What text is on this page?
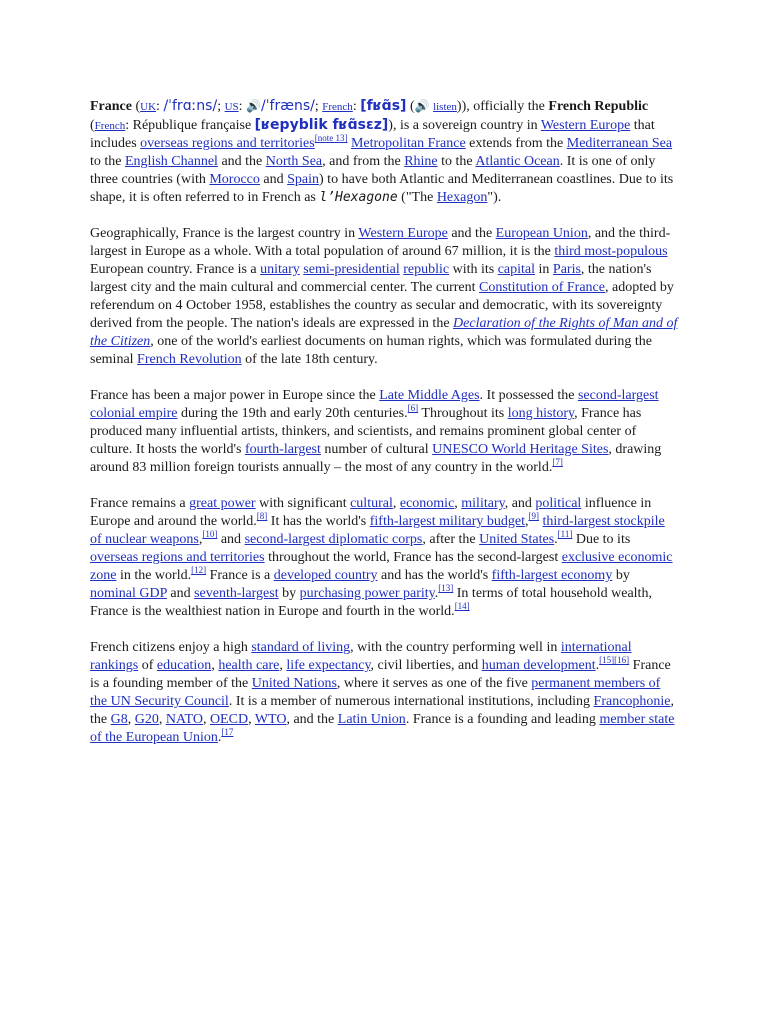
France (UK: /ˈfrɑːns/; US: 🔊/ˈfræns/; French: [fʁɑ̃s] (🔊 listen)), officially the French Republic (French: République française [ʁepyblik fʁɑ̃sɛz]), is a sovereign country in Western Europe that includes overseas regions and territories[note 13] Metropolitan France extends from the Mediterranean Sea to the English Channel and the North Sea, and from the Rhine to the Atlantic Ocean. It is one of only three countries (with Morocco and Spain) to have both Atlantic and Mediterranean coastlines. Due to its shape, it is often referred to in French as l’Hexagone ("The Hexagon").

Geographically, France is the largest country in Western Europe and the European Union, and the third-largest in Europe as a whole. With a total population of around 67 million, it is the third most-populous European country. France is a unitary semi-presidential republic with its capital in Paris, the nation's largest city and the main cultural and commercial center. The current Constitution of France, adopted by referendum on 4 October 1958, establishes the country as secular and democratic, with its sovereignty derived from the people. The nation's ideals are expressed in the Declaration of the Rights of Man and of the Citizen, one of the world's earliest documents on human rights, which was formulated during the seminal French Revolution of the late 18th century.

France has been a major power in Europe since the Late Middle Ages. It possessed the second-largest colonial empire during the 19th and early 20th centuries.[6] Throughout its long history, France has produced many influential artists, thinkers, and scientists, and remains prominent global center of culture. It hosts the world's fourth-largest number of cultural UNESCO World Heritage Sites, drawing around 83 million foreign tourists annually – the most of any country in the world.[7]

France remains a great power with significant cultural, economic, military, and political influence in Europe and around the world.[8] It has the world's fifth-largest military budget,[9] third-largest stockpile of nuclear weapons,[10] and second-largest diplomatic corps, after the United States.[11] Due to its overseas regions and territories throughout the world, France has the second-largest exclusive economic zone in the world.[12] France is a developed country and has the world's fifth-largest economy by nominal GDP and seventh-largest by purchasing power parity.[13] In terms of total household wealth, France is the wealthiest nation in Europe and fourth in the world.[14]

French citizens enjoy a high standard of living, with the country performing well in international rankings of education, health care, life expectancy, civil liberties, and human development.[15][16] France is a founding member of the United Nations, where it serves as one of the five permanent members of the UN Security Council. It is a member of numerous international institutions, including Francophonie, the G8, G20, NATO, OECD, WTO, and the Latin Union. France is a founding and leading member state of the European Union.$^{[17}$
